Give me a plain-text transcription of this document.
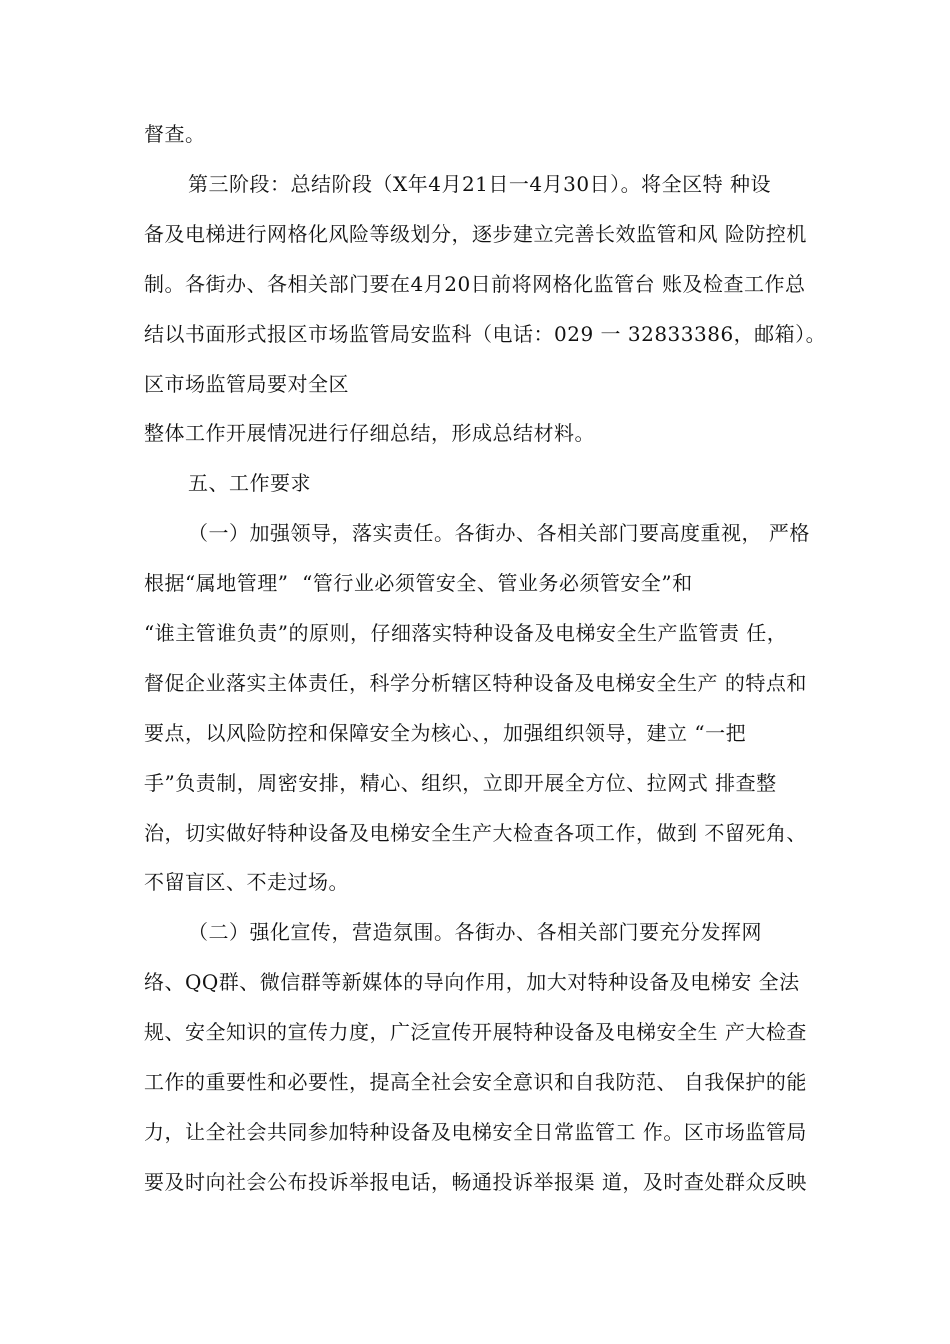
督查。
第三阶段：总结阶段（X年4月21日一4月30日）。将全区特 种设
备及电梯进行网格化风险等级划分，逐步建立完善长效监管和风 险防控机
制。各街办、各相关部门要在4月20日前将网格化监管台 账及检查工作总
结以书面形式报区市场监管局安监科（电话：029 一 32833386，邮箱）。
区市场监管局要对全区
整体工作开展情况进行仔细总结，形成总结材料。
五、工作要求
（一）加强领导，落实责任。各街办、各相关部门要高度重视， 严格
根据“属地管理”  “管行业必须管安全、管业务必须管安全”和
“谁主管谁负责”的原则，仔细落实特种设备及电梯安全生产监管责 任，
督促企业落实主体责任，科学分析辖区特种设备及电梯安全生产 的特点和
要点，以风险防控和保障安全为核心、，加强组织领导，建立 “一把
手”负责制，周密安排，精心、组织，立即开展全方位、拉网式 排查整
治，切实做好特种设备及电梯安全生产大检查各项工作，做到 不留死角、
不留盲区、不走过场。
（二）强化宣传，营造氛围。各街办、各相关部门要充分发挥网
络、QQ群、微信群等新媒体的导向作用，加大对特种设备及电梯安 全法
规、安全知识的宣传力度，广泛宣传开展特种设备及电梯安全生 产大检查
工作的重要性和必要性，提高全社会安全意识和自我防范、 自我保护的能
力，让全社会共同参加特种设备及电梯安全日常监管工 作。区市场监管局
要及时向社会公布投诉举报电话，畅通投诉举报渠 道，及时查处群众反映
